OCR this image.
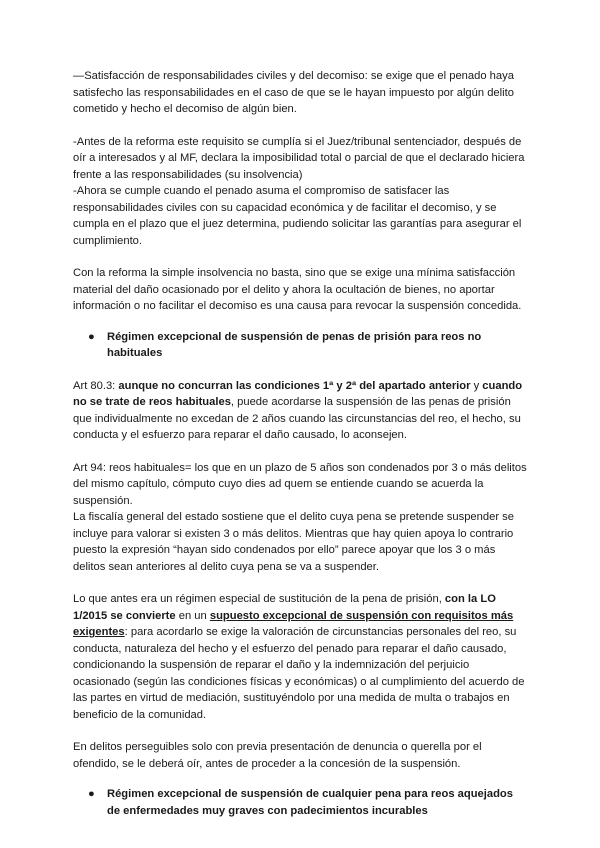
—Satisfacción de responsabilidades civiles y del decomiso: se exige que el penado haya satisfecho las responsabilidades en el caso de que se le hayan impuesto por algún delito cometido y hecho el decomiso de algún bien.

-Antes de la reforma este requisito se cumplía si el Juez/tribunal sentenciador, después de oír a interesados y al MF, declara la imposibilidad total o parcial de que el declarado hiciera frente a las responsabilidades (su insolvencia)

-Ahora se cumple cuando el penado asuma el compromiso de satisfacer las responsabilidades civiles con su capacidad económica y de facilitar el decomiso, y se cumpla en el plazo que el juez determina, pudiendo solicitar las garantías para asegurar el cumplimiento.

Con la reforma la simple insolvencia no basta, sino que se exige una mínima satisfacción material del daño ocasionado por el delito y ahora la ocultación de bienes, no aportar información o no facilitar el decomiso es una causa para revocar la suspensión concedida.

● Régimen excepcional de suspensión de penas de prisión para reos no habituales

Art 80.3: aunque no concurran las condiciones 1ª y 2ª del apartado anterior y cuando no se trate de reos habituales, puede acordarse la suspensión de las penas de prisión que individualmente no excedan de 2 años cuando las circunstancias del reo, el hecho, su conducta y el esfuerzo para reparar el daño causado, lo aconsejen.

Art 94: reos habituales= los que en un plazo de 5 años son condenados por 3 o más delitos del mismo capítulo, cómputo cuyo dies ad quem se entiende cuando se acuerda la suspensión.

La fiscalía general del estado sostiene que el delito cuya pena se pretende suspender se incluye para valorar si existen 3 o más delitos. Mientras que hay quien apoya lo contrario puesto la expresión “hayan sido condenados por ello” parece apoyar que los 3 o más delitos sean anteriores al delito cuya pena se va a suspender.

Lo que antes era un régimen especial de sustitución de la pena de prisión, con la LO 1/2015 se convierte en un supuesto excepcional de suspensión con requisitos más exigentes: para acordarlo se exige la valoración de circunstancias personales del reo, su conducta, naturaleza del hecho y el esfuerzo del penado para reparar el daño causado, condicionando la suspensión de reparar el daño y la indemnización del perjuicio ocasionado (según las condiciones físicas y económicas) o al cumplimiento del acuerdo de las partes en virtud de mediación, sustituyéndolo por una medida de multa o trabajos en beneficio de la comunidad.

En delitos perseguibles solo con previa presentación de denuncia o querella por el ofendido, se le deberá oír, antes de proceder a la concesión de la suspensión.

● Régimen excepcional de suspensión de cualquier pena para reos aquejados de enfermedades muy graves con padecimientos incurables
